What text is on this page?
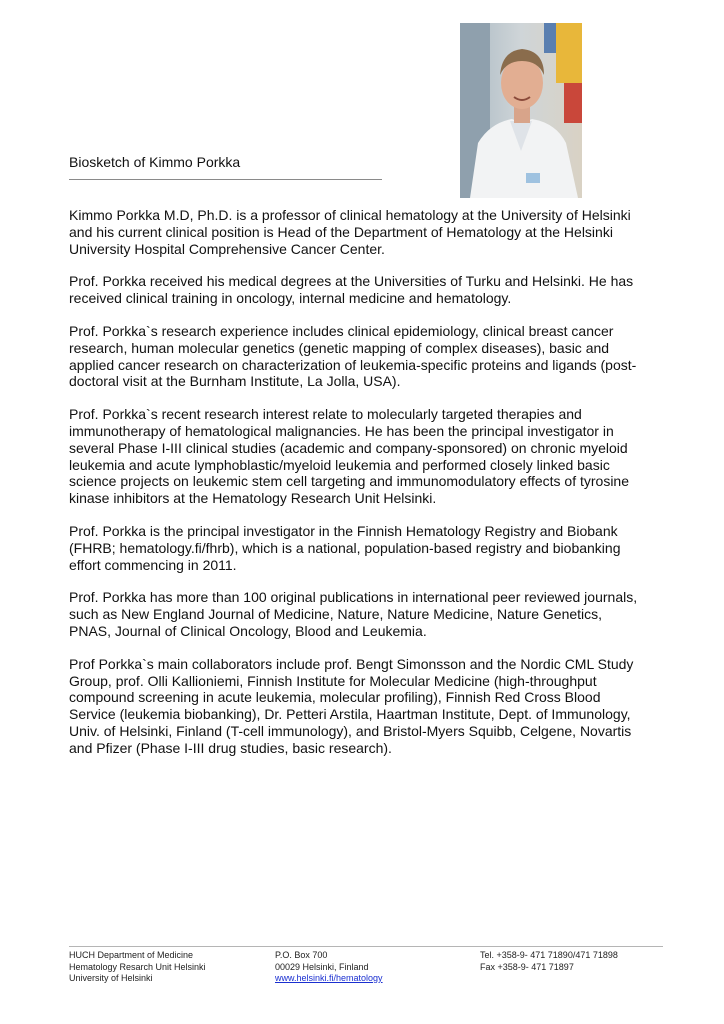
Biosketch of Kimmo Porkka

Kimmo Porkka M.D, Ph.D. is a professor of clinical hematology at the University of Helsinki and his current clinical position is Head of the Department of Hematology at the Helsinki University Hospital Comprehensive Cancer Center.

Prof. Porkka received his medical degrees at the Universities of Turku and Helsinki. He has received clinical training in oncology, internal medicine and hematology.

Prof. Porkka`s research experience includes clinical epidemiology, clinical breast cancer research, human molecular genetics (genetic mapping of complex diseases), basic and applied cancer research on characterization of leukemia-specific proteins and ligands (post-doctoral visit at the Burnham Institute, La Jolla, USA).

Prof. Porkka`s recent research interest relate to molecularly targeted therapies and immunotherapy of hematological malignancies. He has been the principal investigator in several Phase I-III clinical studies (academic and company-sponsored) on chronic myeloid leukemia and acute lymphoblastic/myeloid leukemia and performed closely linked basic science projects on leukemic stem cell targeting and immunomodulatory effects of tyrosine kinase inhibitors at the Hematology Research Unit Helsinki.

Prof. Porkka is the principal investigator in the Finnish Hematology Registry and Biobank (FHRB; hematology.fi/fhrb), which is a national, population-based registry and biobanking effort commencing in 2011.

Prof. Porkka has more than 100 original publications in international peer reviewed journals, such as New England Journal of Medicine, Nature, Nature Medicine, Nature Genetics, PNAS, Journal of Clinical Oncology, Blood and Leukemia.

Prof Porkka`s main collaborators include prof. Bengt Simonsson and the Nordic CML Study Group, prof. Olli Kallioniemi, Finnish Institute for Molecular Medicine (high-throughput compound screening in acute leukemia, molecular profiling), Finnish Red Cross Blood Service (leukemia biobanking), Dr. Petteri Arstila, Haartman Institute, Dept. of Immunology, Univ. of Helsinki, Finland (T-cell immunology), and Bristol-Myers Squibb, Celgene, Novartis and Pfizer (Phase I-III drug studies, basic research).

HUCH Department of Medicine
Hematology Resarch Unit Helsinki
University of Helsinki
P.O. Box 700
00029 Helsinki, Finland
www.helsinki.fi/hematology
Tel. +358-9- 471 71890/471 71898
Fax +358-9- 471 71897
